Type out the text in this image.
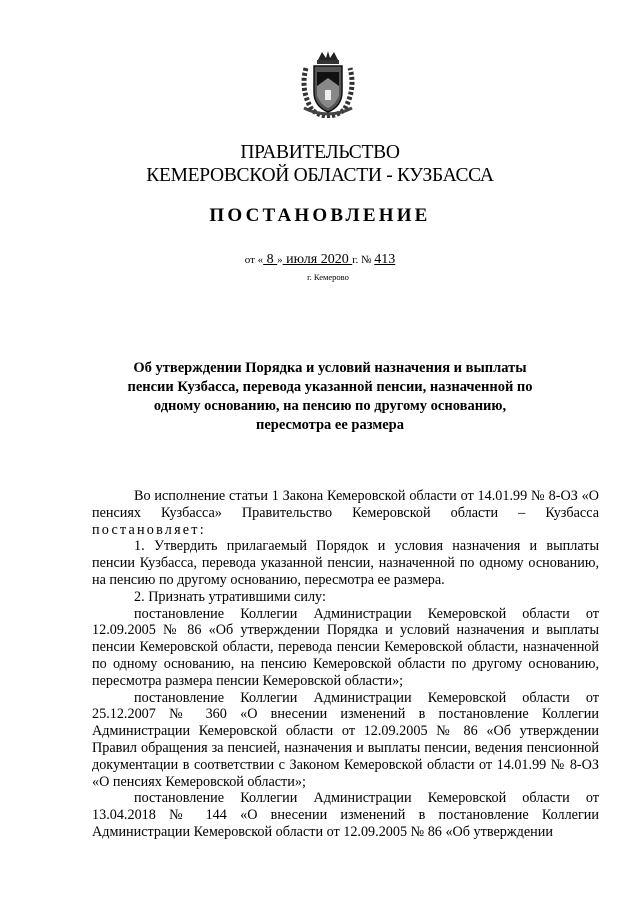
ПРАВИТЕЛЬСТВО
КЕМЕРОВСКОЙ ОБЛАСТИ - КУЗБАССА
ПОСТАНОВЛЕНИЕ
от « 8 » июля 2020 г. № 413
г. Кемерово
Об утверждении Порядка и условий назначения и выплаты пенсии Кузбасса, перевода указанной пенсии, назначенной по одному основанию, на пенсию по другому основанию, пересмотра ее размера

Во исполнение статьи 1 Закона Кемеровской области от 14.01.99 № 8-ОЗ «О пенсиях Кузбасса» Правительство Кемеровской области – Кузбасса постановляет:

1. Утвердить прилагаемый Порядок и условия назначения и выплаты пенсии Кузбасса, перевода указанной пенсии, назначенной по одному основанию, на пенсию по другому основанию, пересмотра ее размера.

2. Признать утратившими силу:

постановление Коллегии Администрации Кемеровской области от 12.09.2005 № 86 «Об утверждении Порядка и условий назначения и выплаты пенсии Кемеровской области, перевода пенсии Кемеровской области, назначенной по одному основанию, на пенсию Кемеровской области по другому основанию, пересмотра размера пенсии Кемеровской области»;

постановление Коллегии Администрации Кемеровской области от 25.12.2007 № 360 «О внесении изменений в постановление Коллегии Администрации Кемеровской области от 12.09.2005 № 86 «Об утверждении Правил обращения за пенсией, назначения и выплаты пенсии, ведения пенсионной документации в соответствии с Законом Кемеровской области от 14.01.99 № 8-ОЗ «О пенсиях Кемеровской области»;

постановление Коллегии Администрации Кемеровской области от 13.04.2018 № 144 «О внесении изменений в постановление Коллегии Администрации Кемеровской области от 12.09.2005 № 86 «Об утверждении
